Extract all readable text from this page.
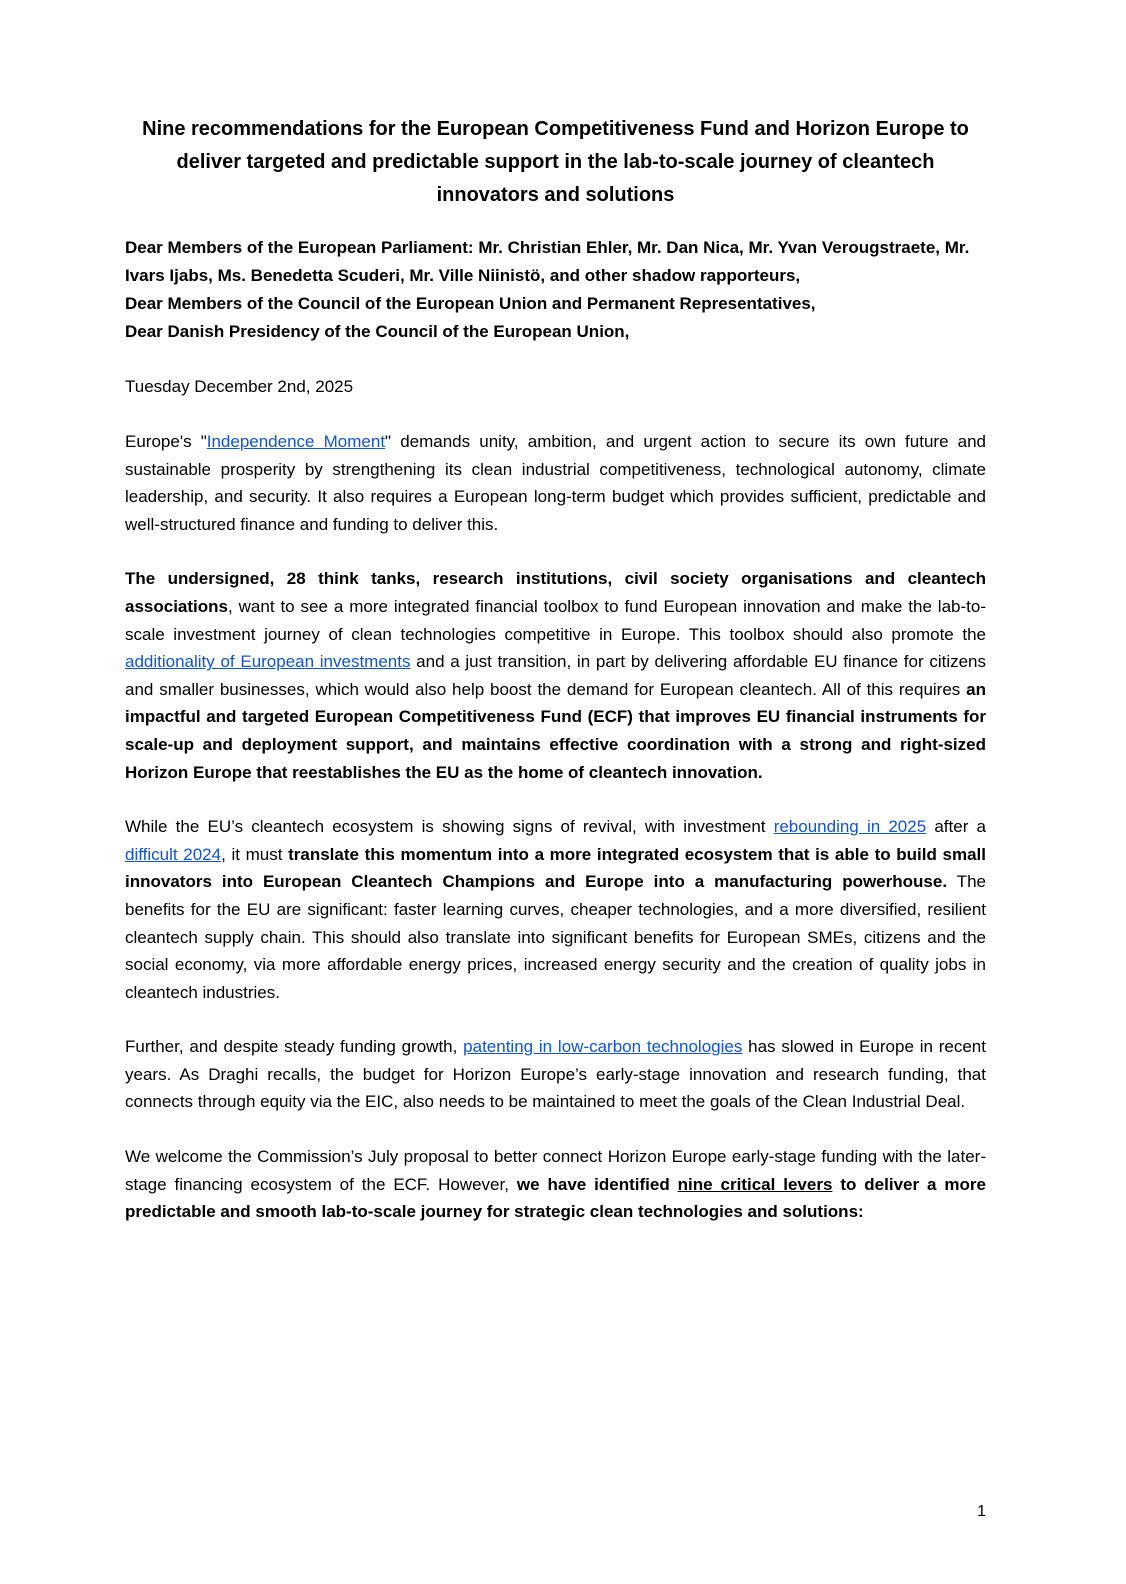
Nine recommendations for the European Competitiveness Fund and Horizon Europe to deliver targeted and predictable support in the lab-to-scale journey of cleantech innovators and solutions

Dear Members of the European Parliament: Mr. Christian Ehler, Mr. Dan Nica, Mr. Yvan Verougstraete, Mr. Ivars Ijabs, Ms. Benedetta Scuderi, Mr. Ville Niinistö, and other shadow rapporteurs,

Dear Members of the Council of the European Union and Permanent Representatives,

Dear Danish Presidency of the Council of the European Union,

Tuesday December 2nd, 2025

Europe's "Independence Moment" demands unity, ambition, and urgent action to secure its own future and sustainable prosperity by strengthening its clean industrial competitiveness, technological autonomy, climate leadership, and security. It also requires a European long-term budget which provides sufficient, predictable and well-structured finance and funding to deliver this.

The undersigned, 28 think tanks, research institutions, civil society organisations and cleantech associations, want to see a more integrated financial toolbox to fund European innovation and make the lab-to-scale investment journey of clean technologies competitive in Europe. This toolbox should also promote the additionality of European investments and a just transition, in part by delivering affordable EU finance for citizens and smaller businesses, which would also help boost the demand for European cleantech. All of this requires an impactful and targeted European Competitiveness Fund (ECF) that improves EU financial instruments for scale-up and deployment support, and maintains effective coordination with a strong and right-sized Horizon Europe that reestablishes the EU as the home of cleantech innovation.

While the EU’s cleantech ecosystem is showing signs of revival, with investment rebounding in 2025 after a difficult 2024, it must translate this momentum into a more integrated ecosystem that is able to build small innovators into European Cleantech Champions and Europe into a manufacturing powerhouse. The benefits for the EU are significant: faster learning curves, cheaper technologies, and a more diversified, resilient cleantech supply chain. This should also translate into significant benefits for European SMEs, citizens and the social economy, via more affordable energy prices, increased energy security and the creation of quality jobs in cleantech industries.

Further, and despite steady funding growth, patenting in low-carbon technologies has slowed in Europe in recent years. As Draghi recalls, the budget for Horizon Europe’s early-stage innovation and research funding, that connects through equity via the EIC, also needs to be maintained to meet the goals of the Clean Industrial Deal.

We welcome the Commission’s July proposal to better connect Horizon Europe early-stage funding with the later-stage financing ecosystem of the ECF. However, we have identified nine critical levers to deliver a more predictable and smooth lab-to-scale journey for strategic clean technologies and solutions:

1
